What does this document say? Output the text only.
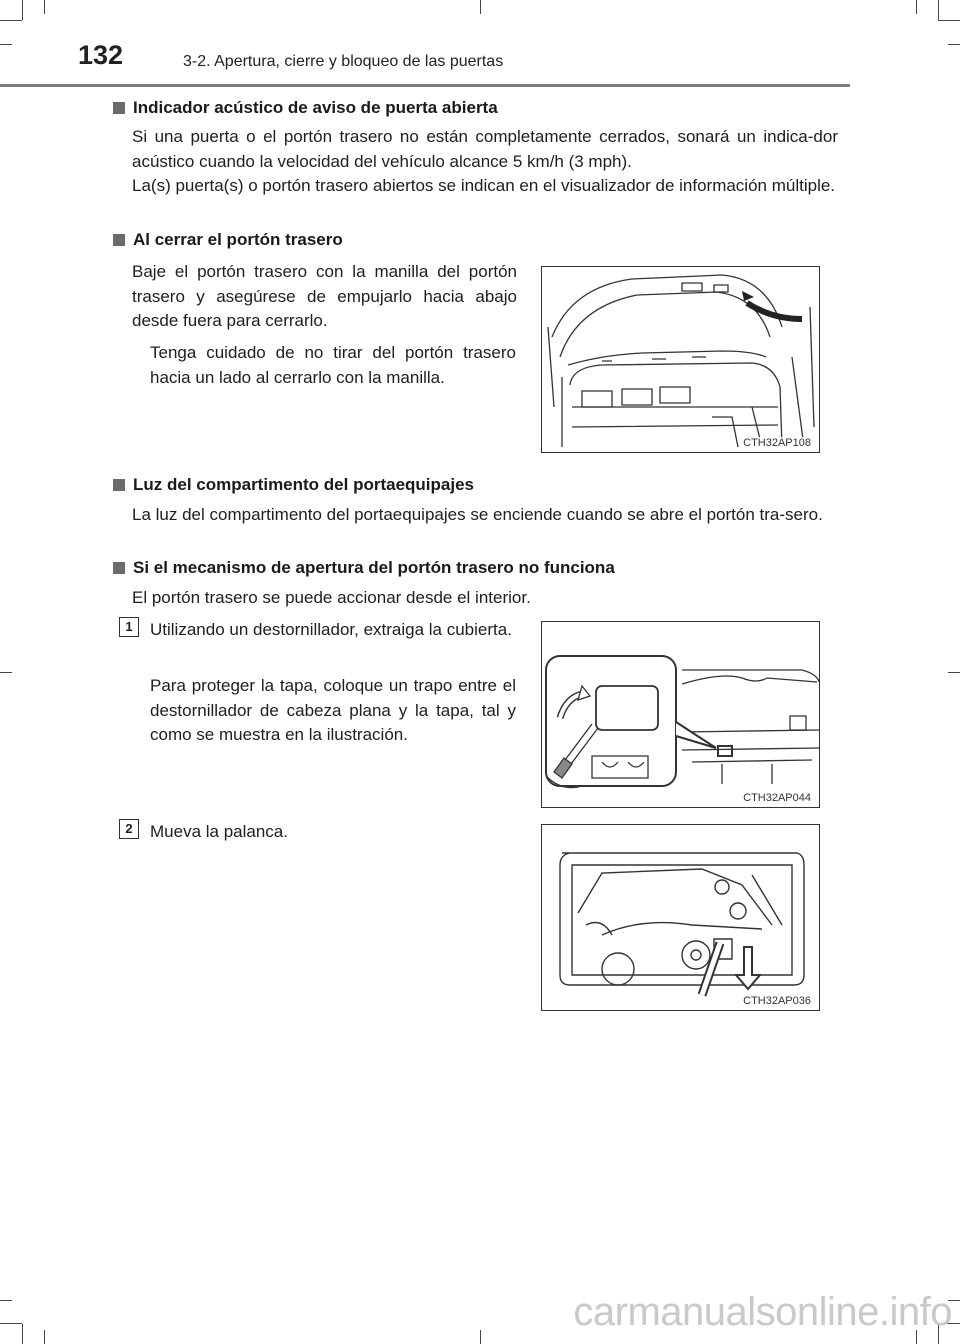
132	3-2. Apertura, cierre y bloqueo de las puertas
Indicador acústico de aviso de puerta abierta
Si una puerta o el portón trasero no están completamente cerrados, sonará un indica-dor acústico cuando la velocidad del vehículo alcance 5 km/h (3 mph).
La(s) puerta(s) o portón trasero abiertos se indican en el visualizador de información múltiple.
Al cerrar el portón trasero
Baje el portón trasero con la manilla del portón trasero y asegúrese de empujarlo hacia abajo desde fuera para cerrarlo.
Tenga cuidado de no tirar del portón trasero hacia un lado al cerrarlo con la manilla.
CTH32AP108
Luz del compartimento del portaequipajes
La luz del compartimento del portaequipajes se enciende cuando se abre el portón tra-sero.
Si el mecanismo de apertura del portón trasero no funciona
El portón trasero se puede accionar desde el interior.
1	Utilizando un destornillador, extraiga la cubierta.
Para proteger la tapa, coloque un trapo entre el destornillador de cabeza plana y la tapa, tal y como se muestra en la ilustración.
CTH32AP044
2	Mueva la palanca.
CTH32AP036
carmanualsonline.info
